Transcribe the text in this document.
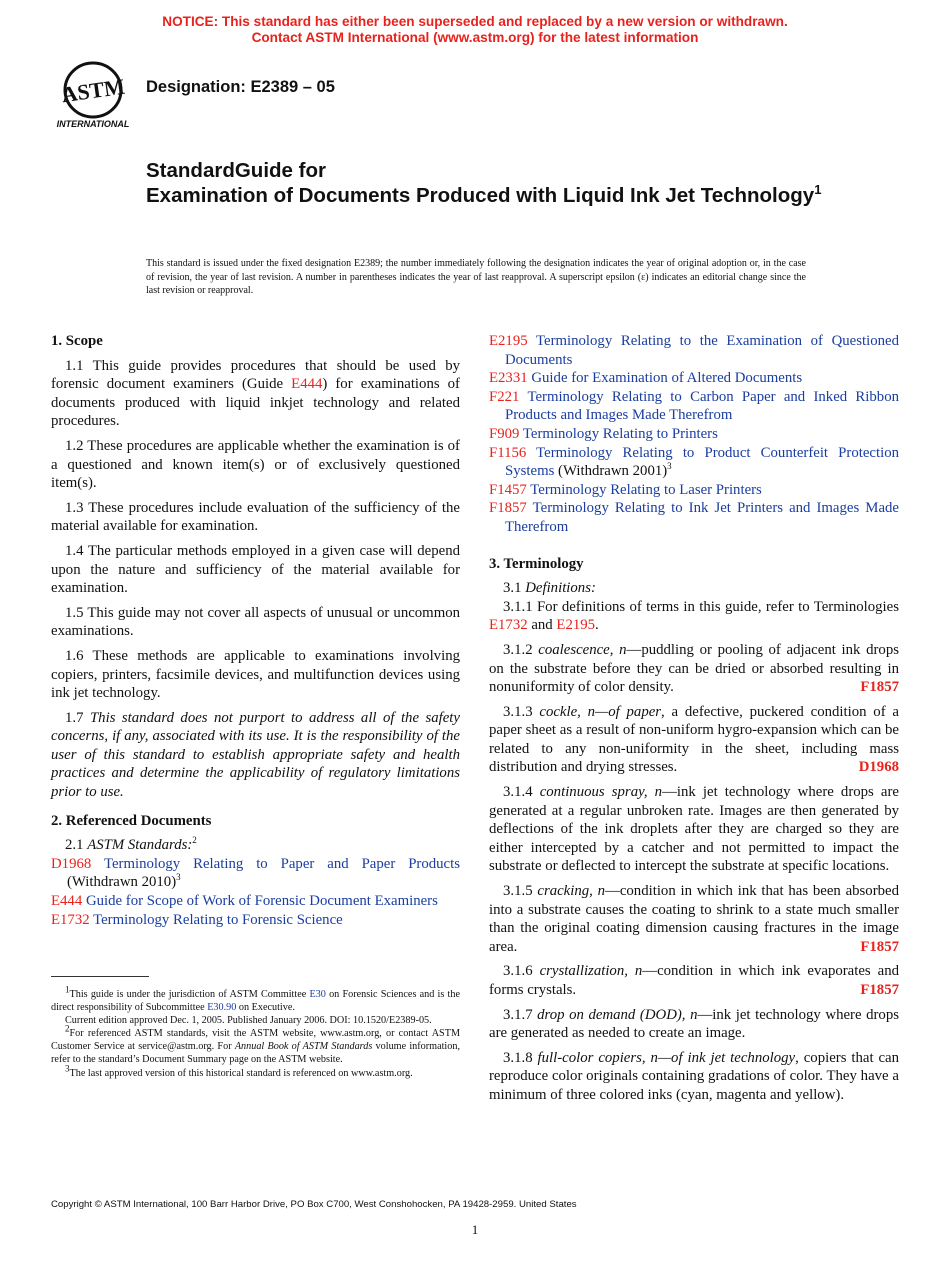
NOTICE: This standard has either been superseded and replaced by a new version or withdrawn.
Contact ASTM International (www.astm.org) for the latest information
ASTM
INTERNATIONAL
Designation: E2389 – 05
StandardGuide for
Examination of Documents Produced with Liquid Ink Jet Technology$^1$
This standard is issued under the fixed designation E2389; the number immediately following the designation indicates the year of original adoption or, in the case of revision, the year of last revision. A number in parentheses indicates the year of last reapproval. A superscript epsilon (ε) indicates an editorial change since the last revision or reapproval.

1. Scope

1.1 This guide provides procedures that should be used by forensic document examiners (Guide E444) for examinations of documents produced with liquid inkjet technology and related procedures.

1.2 These procedures are applicable whether the examination is of a questioned and known item(s) or of exclusively questioned item(s).

1.3 These procedures include evaluation of the sufficiency of the material available for examination.

1.4 The particular methods employed in a given case will depend upon the nature and sufficiency of the material available for examination.

1.5 This guide may not cover all aspects of unusual or uncommon examinations.

1.6 These methods are applicable to examinations involving copiers, printers, facsimile devices, and multifunction devices using ink jet technology.

1.7 This standard does not purport to address all of the safety concerns, if any, associated with its use. It is the responsibility of the user of this standard to establish appropriate safety and health practices and determine the applicability of regulatory limitations prior to use.

2. Referenced Documents

2.1 ASTM Standards:$^2$

D1968 Terminology Relating to Paper and Paper Products (Withdrawn 2010)$^3$

E444 Guide for Scope of Work of Forensic Document Examiners

E1732 Terminology Relating to Forensic Science

E2195 Terminology Relating to the Examination of Questioned Documents

E2331 Guide for Examination of Altered Documents

F221 Terminology Relating to Carbon Paper and Inked Ribbon Products and Images Made Therefrom

F909 Terminology Relating to Printers

F1156 Terminology Relating to Product Counterfeit Protection Systems (Withdrawn 2001)$^3$

F1457 Terminology Relating to Laser Printers

F1857 Terminology Relating to Ink Jet Printers and Images Made Therefrom

3. Terminology

3.1 Definitions:

3.1.1 For definitions of terms in this guide, refer to Terminologies E1732 and E2195.

3.1.2 coalescence, n—puddling or pooling of adjacent ink drops on the substrate before they can be dried or absorbed resulting in nonuniformity of color density.	F1857

3.1.3 cockle, n—of paper, a defective, puckered condition of a paper sheet as a result of non-uniform hygro-expansion which can be related to any non-uniformity in the sheet, including mass distribution and drying stresses.	D1968

3.1.4 continuous spray, n—ink jet technology where drops are generated at a regular unbroken rate. Images are then generated by deflections of the ink droplets after they are charged so they are either intercepted by a catcher and not permitted to impact the substrate or deflected to intercept the substrate at specific locations.

3.1.5 cracking, n—condition in which ink that has been absorbed into a substrate causes the coating to shrink to a state much smaller than the original coating dimension causing fractures in the image area.	F1857

3.1.6 crystallization, n—condition in which ink evaporates and forms crystals.	F1857

3.1.7 drop on demand (DOD), n—ink jet technology where drops are generated as needed to create an image.

3.1.8 full-color copiers, n—of ink jet technology, copiers that can reproduce color originals containing gradations of color. They have a minimum of three colored inks (cyan, magenta and yellow).

$^1$This guide is under the jurisdiction of ASTM Committee E30 on Forensic Sciences and is the direct responsibility of Subcommittee E30.90 on Executive.

Current edition approved Dec. 1, 2005. Published January 2006. DOI: 10.1520/E2389-05.

$^2$For referenced ASTM standards, visit the ASTM website, www.astm.org, or contact ASTM Customer Service at service@astm.org. For Annual Book of ASTM Standards volume information, refer to the standard’s Document Summary page on the ASTM website.

$^3$The last approved version of this historical standard is referenced on www.astm.org.

Copyright © ASTM International, 100 Barr Harbor Drive, PO Box C700, West Conshohocken, PA 19428-2959. United States
1
